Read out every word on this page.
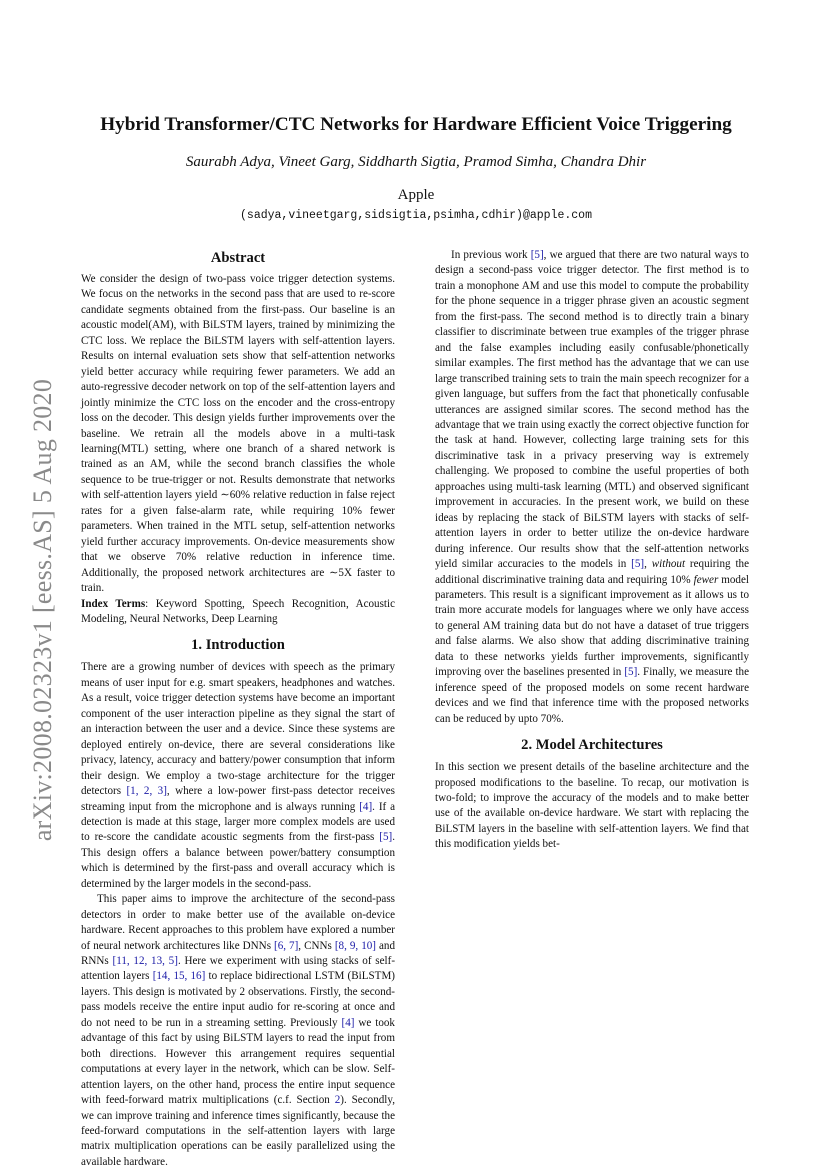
arXiv:2008.02323v1 [eess.AS] 5 Aug 2020
Hybrid Transformer/CTC Networks for Hardware Efficient Voice Triggering
Saurabh Adya, Vineet Garg, Siddharth Sigtia, Pramod Simha, Chandra Dhir
Apple
(sadya,vineetgarg,sidsigtia,psimha,cdhir)@apple.com
Abstract

We consider the design of two-pass voice trigger detection systems. We focus on the networks in the second pass that are used to re-score candidate segments obtained from the first-pass. Our baseline is an acoustic model(AM), with BiLSTM layers, trained by minimizing the CTC loss. We replace the BiLSTM layers with self-attention layers. Results on internal evaluation sets show that self-attention networks yield better accuracy while requiring fewer parameters. We add an auto-regressive decoder network on top of the self-attention layers and jointly minimize the CTC loss on the encoder and the cross-entropy loss on the decoder. This design yields further improvements over the baseline. We retrain all the models above in a multi-task learning(MTL) setting, where one branch of a shared network is trained as an AM, while the second branch classifies the whole sequence to be true-trigger or not. Results demonstrate that networks with self-attention layers yield ∼60% relative reduction in false reject rates for a given false-alarm rate, while requiring 10% fewer parameters. When trained in the MTL setup, self-attention networks yield further accuracy improvements. On-device measurements show that we observe 70% relative reduction in inference time. Additionally, the proposed network architectures are ∼5X faster to train.

Index Terms: Keyword Spotting, Speech Recognition, Acoustic Modeling, Neural Networks, Deep Learning

1. Introduction

There are a growing number of devices with speech as the primary means of user input for e.g. smart speakers, headphones and watches. As a result, voice trigger detection systems have become an important component of the user interaction pipeline as they signal the start of an interaction between the user and a device. Since these systems are deployed entirely on-device, there are several considerations like privacy, latency, accuracy and battery/power consumption that inform their design. We employ a two-stage architecture for the trigger detectors [1, 2, 3], where a low-power first-pass detector receives streaming input from the microphone and is always running [4]. If a detection is made at this stage, larger more complex models are used to re-score the candidate acoustic segments from the first-pass [5]. This design offers a balance between power/battery consumption which is determined by the first-pass and overall accuracy which is determined by the larger models in the second-pass.

This paper aims to improve the architecture of the second-pass detectors in order to make better use of the available on-device hardware. Recent approaches to this problem have explored a number of neural network architectures like DNNs [6, 7], CNNs [8, 9, 10] and RNNs [11, 12, 13, 5]. Here we experiment with using stacks of self-attention layers [14, 15, 16] to replace bidirectional LSTM (BiLSTM) layers. This design is motivated by 2 observations. Firstly, the second-pass models receive the entire input audio for re-scoring at once and do not need to be run in a streaming setting. Previously [4] we took advantage of this fact by using BiLSTM layers to read the input from both directions. However this arrangement requires sequential computations at every layer in the network, which can be slow. Self-attention layers, on the other hand, process the entire input sequence with feed-forward matrix multiplications (c.f. Section 2). Secondly, we can improve training and inference times significantly, because the feed-forward computations in the self-attention layers with large matrix multiplication operations can be easily parallelized using the available hardware.

In previous work [5], we argued that there are two natural ways to design a second-pass voice trigger detector. The first method is to train a monophone AM and use this model to compute the probability for the phone sequence in a trigger phrase given an acoustic segment from the first-pass. The second method is to directly train a binary classifier to discriminate between true examples of the trigger phrase and the false examples including easily confusable/phonetically similar examples. The first method has the advantage that we can use large transcribed training sets to train the main speech recognizer for a given language, but suffers from the fact that phonetically confusable utterances are assigned similar scores. The second method has the advantage that we train using exactly the correct objective function for the task at hand. However, collecting large training sets for this discriminative task in a privacy preserving way is extremely challenging. We proposed to combine the useful properties of both approaches using multi-task learning (MTL) and observed significant improvement in accuracies. In the present work, we build on these ideas by replacing the stack of BiLSTM layers with stacks of self-attention layers in order to better utilize the on-device hardware during inference. Our results show that the self-attention networks yield similar accuracies to the models in [5], without requiring the additional discriminative training data and requiring 10% fewer model parameters. This result is a significant improvement as it allows us to train more accurate models for languages where we only have access to general AM training data but do not have a dataset of true triggers and false alarms. We also show that adding discriminative training data to these networks yields further improvements, significantly improving over the baselines presented in [5]. Finally, we measure the inference speed of the proposed models on some recent hardware devices and we find that inference time with the proposed networks can be reduced by upto 70%.

2. Model Architectures

In this section we present details of the baseline architecture and the proposed modifications to the baseline. To recap, our motivation is two-fold; to improve the accuracy of the models and to make better use of the available on-device hardware. We start with replacing the BiLSTM layers in the baseline with self-attention layers. We find that this modification yields bet-
